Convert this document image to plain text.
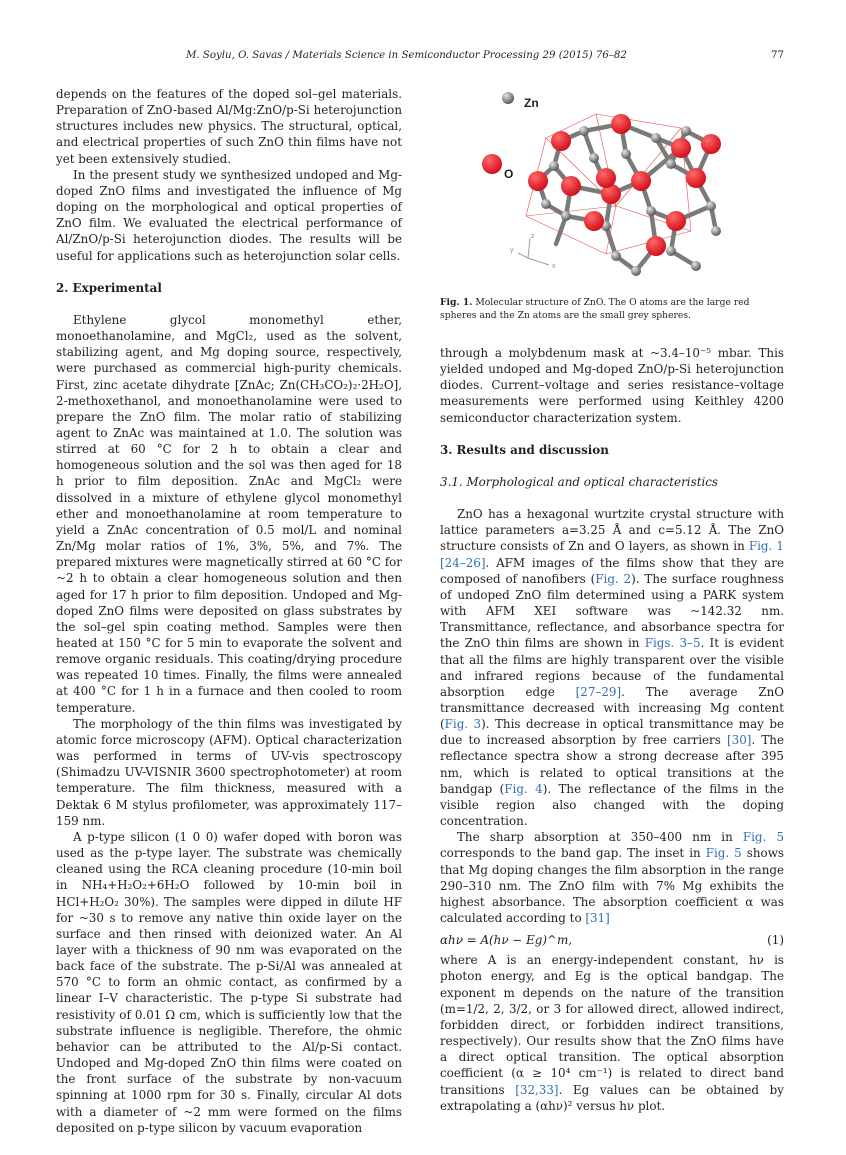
M. Soylu, O. Savas / Materials Science in Semiconductor Processing 29 (2015) 76–82	77

depends on the features of the doped sol–gel materials. Preparation of ZnO-based Al/Mg:ZnO/p-Si heterojunction structures includes new physics. The structural, optical, and electrical properties of such ZnO thin films have not yet been extensively studied.

In the present study we synthesized undoped and Mg-doped ZnO films and investigated the influence of Mg doping on the morphological and optical properties of ZnO film. We evaluated the electrical performance of Al/ZnO/p-Si heterojunction diodes. The results will be useful for applications such as heterojunction solar cells.

2. Experimental

Ethylene glycol monomethyl ether, monoethanolamine, and MgCl₂, used as the solvent, stabilizing agent, and Mg doping source, respectively, were purchased as commercial high-purity chemicals. First, zinc acetate dihydrate [ZnAc; Zn(CH₃CO₂)₂·2H₂O], 2-methoxethanol, and monoethanolamine were used to prepare the ZnO film. The molar ratio of stabilizing agent to ZnAc was maintained at 1.0. The solution was stirred at 60 °C for 2 h to obtain a clear and homogeneous solution and the sol was then aged for 18 h prior to film deposition. ZnAc and MgCl₂ were dissolved in a mixture of ethylene glycol monomethyl ether and monoethanolamine at room temperature to yield a ZnAc concentration of 0.5 mol/L and nominal Zn/Mg molar ratios of 1%, 3%, 5%, and 7%. The prepared mixtures were magnetically stirred at 60 °C for ~2 h to obtain a clear homogeneous solution and then aged for 17 h prior to film deposition. Undoped and Mg-doped ZnO films were deposited on glass substrates by the sol–gel spin coating method. Samples were then heated at 150 °C for 5 min to evaporate the solvent and remove organic residuals. This coating/drying procedure was repeated 10 times. Finally, the films were annealed at 400 °C for 1 h in a furnace and then cooled to room temperature.

The morphology of the thin films was investigated by atomic force microscopy (AFM). Optical characterization was performed in terms of UV-vis spectroscopy (Shimadzu UV-VISNIR 3600 spectrophotometer) at room temperature. The film thickness, measured with a Dektak 6 M stylus profilometer, was approximately 117–159 nm.

A p-type silicon (1 0 0) wafer doped with boron was used as the p-type layer. The substrate was chemically cleaned using the RCA cleaning procedure (10-min boil in NH₄+H₂O₂+6H₂O followed by 10-min boil in HCl+H₂O₂ 30%). The samples were dipped in dilute HF for ~30 s to remove any native thin oxide layer on the surface and then rinsed with deionized water. An Al layer with a thickness of 90 nm was evaporated on the back face of the substrate. The p-Si/Al was annealed at 570 °C to form an ohmic contact, as confirmed by a linear I–V characteristic. The p-type Si substrate had resistivity of 0.01 Ω cm, which is sufficiently low that the substrate influence is negligible. Therefore, the ohmic behavior can be attributed to the Al/p-Si contact. Undoped and Mg-doped ZnO thin films were coated on the front surface of the substrate by non-vacuum spinning at 1000 rpm for 30 s. Finally, circular Al dots with a diameter of ~2 mm were formed on the films deposited on p-type silicon by vacuum evaporation

Zn
O
z
y
x
Fig. 1. Molecular structure of ZnO. The O atoms are the large red spheres and the Zn atoms are the small grey spheres.

through a molybdenum mask at ~3.4–10⁻⁵ mbar. This yielded undoped and Mg-doped ZnO/p-Si heterojunction diodes. Current–voltage and series resistance–voltage measurements were performed using Keithley 4200 semiconductor characterization system.

3. Results and discussion
3.1. Morphological and optical characteristics

ZnO has a hexagonal wurtzite crystal structure with lattice parameters a=3.25 Å and c=5.12 Å. The ZnO structure consists of Zn and O layers, as shown in Fig. 1 [24–26]. AFM images of the films show that they are composed of nanofibers (Fig. 2). The surface roughness of undoped ZnO film determined using a PARK system with AFM XEI software was ~142.32 nm. Transmittance, reflectance, and absorbance spectra for the ZnO thin films are shown in Figs. 3–5. It is evident that all the films are highly transparent over the visible and infrared regions because of the fundamental absorption edge [27–29]. The average ZnO transmittance decreased with increasing Mg content (Fig. 3). This decrease in optical transmittance may be due to increased absorption by free carriers [30]. The reflectance spectra show a strong decrease after 395 nm, which is related to optical transitions at the bandgap (Fig. 4). The reflectance of the films in the visible region also changed with the doping concentration.

The sharp absorption at 350–400 nm in Fig. 5 corresponds to the band gap. The inset in Fig. 5 shows that Mg doping changes the film absorption in the range 290–310 nm. The ZnO film with 7% Mg exhibits the highest absorbance. The absorption coefficient α was calculated according to [31]

αhν = A(hν − Eg)^m,	(1)

where A is an energy-independent constant, hν is photon energy, and Eg is the optical bandgap. The exponent m depends on the nature of the transition (m=1/2, 2, 3/2, or 3 for allowed direct, allowed indirect, forbidden direct, or forbidden indirect transitions, respectively). Our results show that the ZnO films have a direct optical transition. The optical absorption coefficient (α ≥ 10⁴ cm⁻¹) is related to direct band transitions [32,33]. Eg values can be obtained by extrapolating a (αhν)² versus hν plot.
